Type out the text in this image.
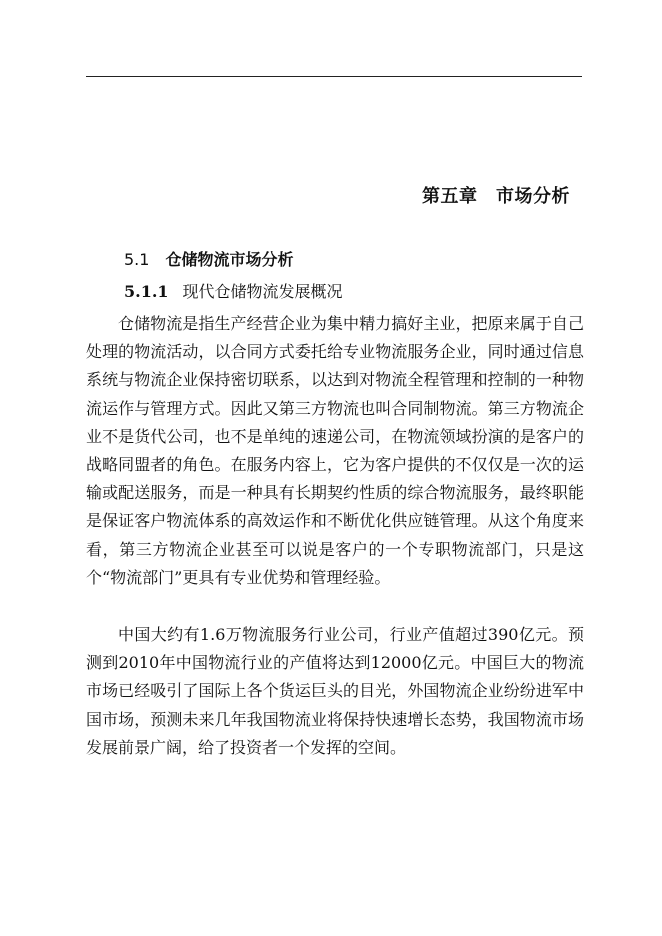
第五章　市场分析
5.1 仓储物流市场分析
5.1.1 现代仓储物流发展概况

仓储物流是指生产经营企业为集中精力搞好主业，把原来属于自己处理的物流活动，以合同方式委托给专业物流服务企业，同时通过信息系统与物流企业保持密切联系，以达到对物流全程管理和控制的一种物流运作与管理方式。因此又第三方物流也叫合同制物流。第三方物流企业不是货代公司，也不是单纯的速递公司，在物流领域扮演的是客户的战略同盟者的角色。在服务内容上，它为客户提供的不仅仅是一次的运输或配送服务，而是一种具有长期契约性质的综合物流服务，最终职能是保证客户物流体系的高效运作和不断优化供应链管理。从这个角度来看，第三方物流企业甚至可以说是客户的一个专职物流部门，只是这个“物流部门”更具有专业优势和管理经验。

中国大约有1.6万物流服务行业公司，行业产值超过390亿元。预测到2010年中国物流行业的产值将达到12000亿元。中国巨大的物流市场已经吸引了国际上各个货运巨头的目光，外国物流企业纷纷进军中国市场，预测未来几年我国物流业将保持快速增长态势，我国物流市场发展前景广阔，给了投资者一个发挥的空间。
